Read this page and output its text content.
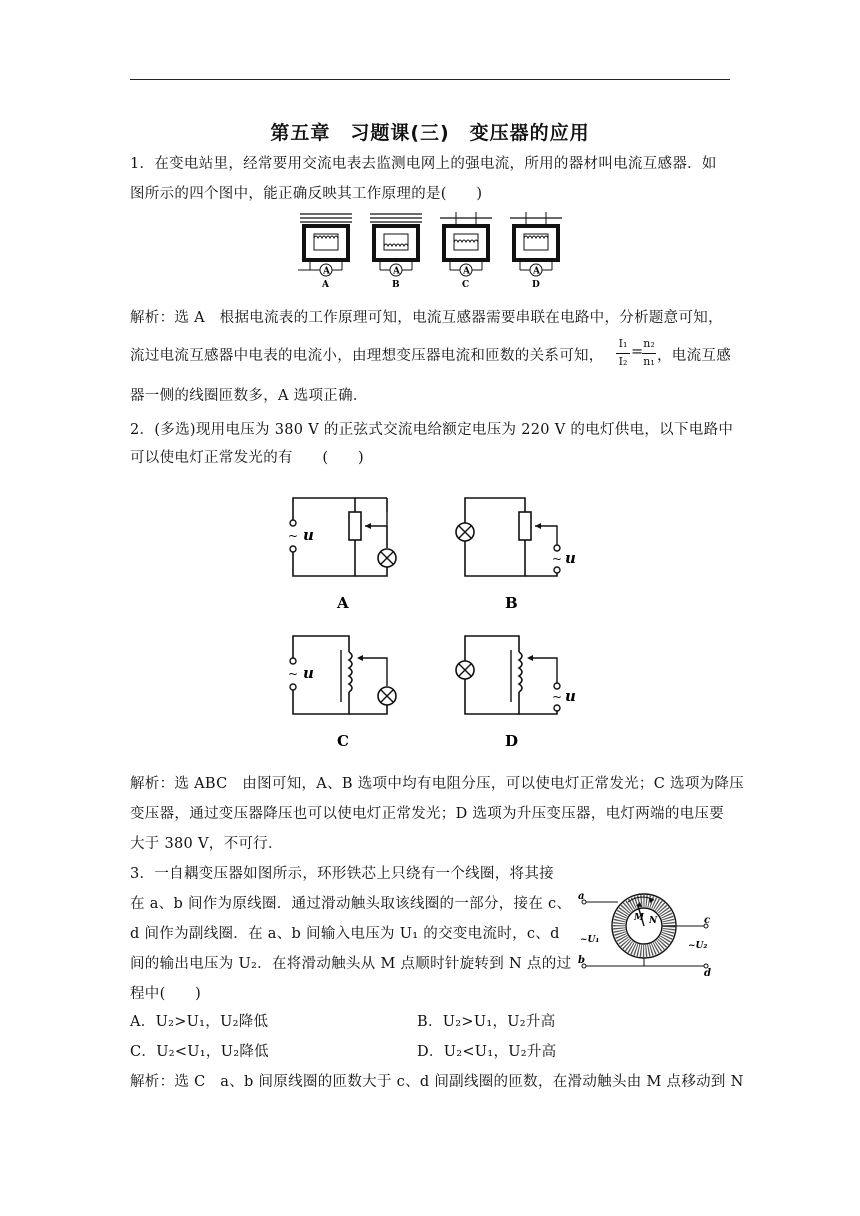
第五章　习题课(三)　变压器的应用
1．在变电站里，经常要用交流电表去监测电网上的强电流，所用的器材叫电流互感器．如
图所示的四个图中，能正确反映其工作原理的是(　　)
A
A
A
B
A
C
A
D
解析：选 A　根据电流表的工作原理可知，电流互感器需要串联在电路中，分析题意可知，
流过电流互感器中电表的电流小，由理想变压器电流和匝数的关系可知，
I₁
I₂
=
n₂
n₁ ，电流互感
器一侧的线圈匝数多，A 选项正确．
2．(多选)现用电压为 380 V 的正弦式交流电给额定电压为 220 V 的电灯供电，以下电路中
可以使电灯正常发光的有　　(　　)
~ u
A
~ u
B
~ u
C
~ u
D
解析：选 ABC　由图可知，A、B 选项中均有电阻分压，可以使电灯正常发光；C 选项为降压
变压器，通过变压器降压也可以使电灯正常发光；D 选项为升压变压器，电灯两端的电压要
大于 380 V，不可行．
3．一自耦变压器如图所示，环形铁芯上只绕有一个线圈，将其接
在 a、b 间作为原线圈．通过滑动触头取该线圈的一部分，接在 c、
d 间作为副线圈．在 a、b 间输入电压为 U₁ 的交变电流时，c、d
间的输出电压为 U₂．在将滑动触头从 M 点顺时针旋转到 N 点的过
程中(　　)
M N
a
b
d
c
~U₁
~U₂
A．U₂>U₁，U₂降低	B．U₂>U₁，U₂升高
C．U₂<U₁，U₂降低	D．U₂<U₁，U₂升高
解析：选 C　a、b 间原线圈的匝数大于 c、d 间副线圈的匝数，在滑动触头由 M 点移动到 N
